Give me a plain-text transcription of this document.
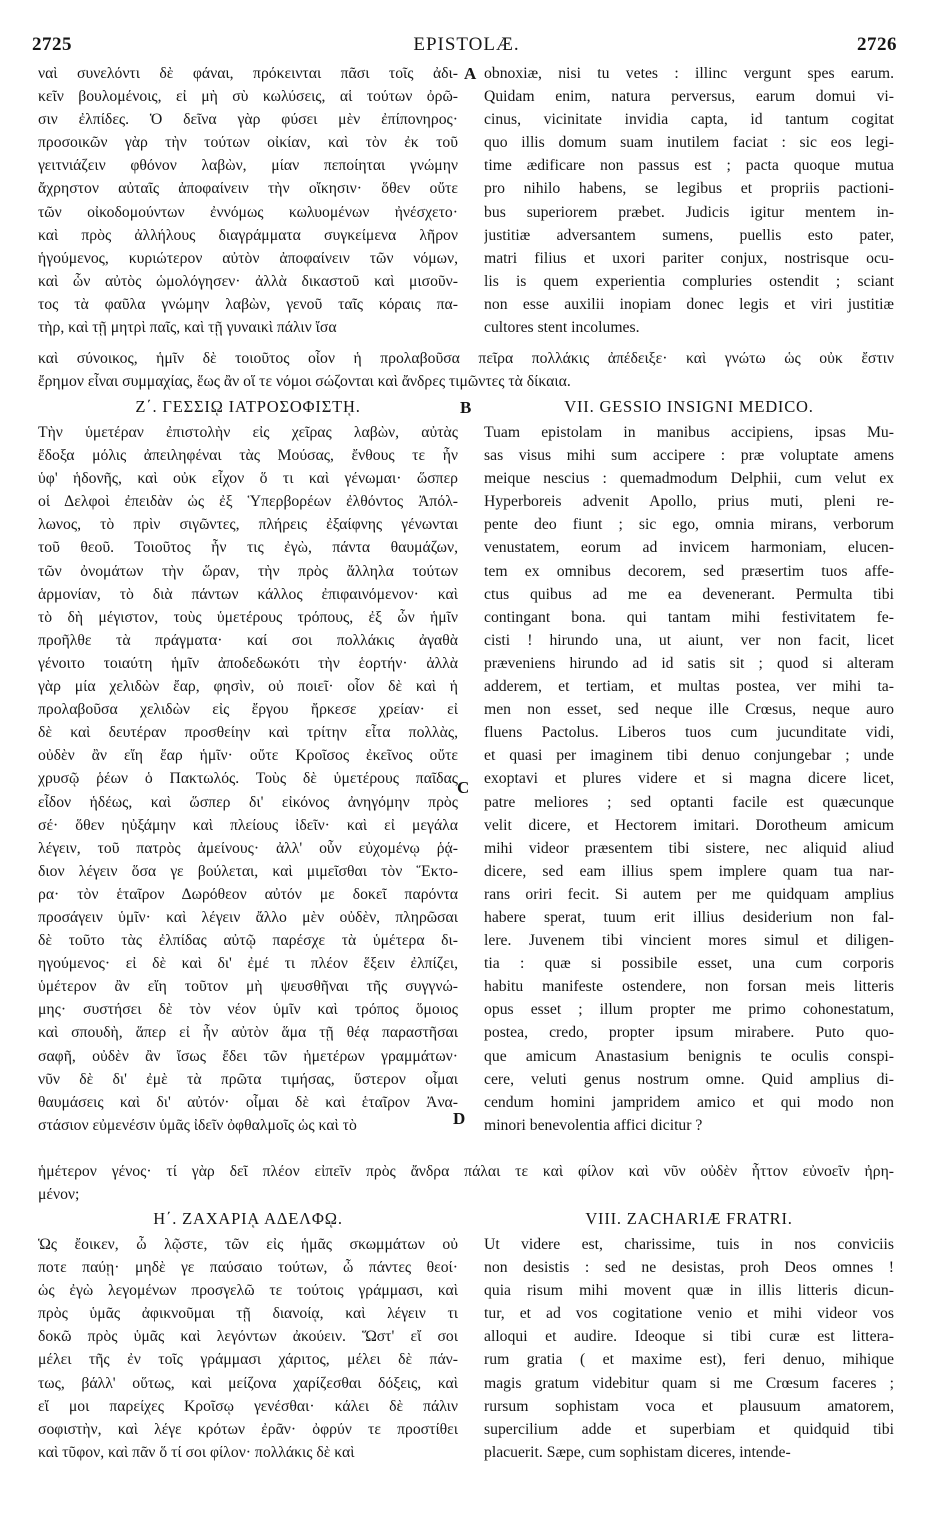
2725	EPISTOLÆ.	2726
A
B
C
D
ναὶ συνελόντι δὲ φάναι, πρόκεινται πᾶσι τοῖς ἀδι-
κεῖν βουλομένοις, εἰ μὴ σὺ κωλύσεις, αἱ τούτων ὀρῶ-
σιν ἐλπίδες. Ὁ δεῖνα γὰρ φύσει μὲν ἐπίπονηρος·
προσοικῶν γὰρ τὴν τούτων οἰκίαν, καὶ τὸν ἐκ τοῦ
γειτνιάζειν φθόνον λαβὼν, μίαν πεποίηται γνώμην
ἄχρηστον αὐταῖς ἀποφαίνειν τὴν οἴκησιν· ὅθεν οὔτε
τῶν οἰκοδομούντων ἐννόμως κωλυομένων ἠνέσχετο·
καὶ πρὸς ἀλλήλους διαγράμματα συγκείμενα λῆρον
ἡγούμενος, κυριώτερον αὐτὸν ἀποφαίνειν τῶν νόμων,
καὶ ὧν αὐτὸς ὡμολόγησεν· ἀλλὰ δικαστοῦ καὶ μισοῦν-
τος τὰ φαῦλα γνώμην λαβὼν, γενοῦ ταῖς κόραις πα-
τὴρ, καὶ τῇ μητρὶ παῖς, καὶ τῇ γυναικὶ πάλιν ἴσα
obnoxiæ, nisi tu vetes : illinc vergunt spes earum.
Quidam enim, natura perversus, earum domui vi-
cinus, vicinitate invidia capta, id tantum cogitat
quo illis domum suam inutilem faciat : sic eos legi-
time ædificare non passus est ; pacta quoque mutua
pro nihilo habens, se legibus et propriis pactioni-
bus superiorem præbet. Judicis igitur mentem in-
justitiæ adversantem sumens, puellis esto pater,
matri filius et uxori pariter conjux, nostrisque ocu-
lis is quem experientia compluries ostendit ; sciant
non esse auxilii inopiam donec legis et viri justitiæ
cultores stent incolumes.
καὶ σύνοικος, ἡμῖν δὲ τοιοῦτος οἷον ἡ προλαβοῦσα πεῖρα πολλάκις ἀπέδειξε· καὶ γνώτω ὡς οὐκ ἔστιν
ἔρημον εἶναι συμμαχίας, ἕως ἂν οἵ τε νόμοι σώζονται καὶ ἄνδρες τιμῶντες τὰ δίκαια.
Ζ΄. ΓΕΣΣΙῼ ΙΑΤΡΟΣΟΦΙΣΤῌ.	VII. GESSIO INSIGNI MEDICO.
Τὴν ὑμετέραν ἐπιστολὴν εἰς χεῖρας λαβὼν, αὐτὰς
ἔδοξα μόλις ἀπειληφέναι τὰς Μούσας, ἔνθους τε ἦν
ὑφ' ἡδονῆς, καὶ οὐκ εἶχον ὅ τι καὶ γένωμαι· ὥσπερ
οἱ Δελφοὶ ἐπειδὰν ὡς ἐξ Ὑπερβορέων ἐλθόντος Ἀπόλ-
λωνος, τὸ πρὶν σιγῶντες, πλήρεις ἐξαίφνης γένωνται
τοῦ θεοῦ. Τοιοῦτος ἦν τις ἐγὼ, πάντα θαυμάζων,
τῶν ὀνομάτων τὴν ὥραν, τὴν πρὸς ἄλληλα τούτων
ἁρμονίαν, τὸ διὰ πάντων κάλλος ἐπιφαινόμενον· καὶ
τὸ δὴ μέγιστον, τοὺς ὑμετέρους τρόπους, ἐξ ὧν ἡμῖν
προῆλθε τὰ πράγματα· καί σοι πολλάκις ἀγαθὰ
γένοιτο τοιαύτη ἡμῖν ἀποδεδωκότι τὴν ἑορτήν· ἀλλὰ
γὰρ μία χελιδὼν ἔαρ, φησὶν, οὐ ποιεῖ· οἷον δὲ καὶ ἡ
προλαβοῦσα χελιδὼν εἰς ἔργου ἤρκεσε χρείαν· εἰ
δὲ καὶ δευτέραν προσθείην καὶ τρίτην εἶτα πολλὰς,
οὐδὲν ἂν εἴη ἔαρ ἡμῖν· οὔτε Κροῖσος ἐκεῖνος οὔτε
χρυσῷ ῥέων ὁ Πακτωλός. Τοὺς δὲ ὑμετέρους παῖδας
εἶδον ἡδέως, καὶ ὥσπερ δι' εἰκόνος ἀνηγόμην πρὸς
σέ· ὅθεν ηὐξάμην καὶ πλείους ἰδεῖν· καὶ εἰ μεγάλα
λέγειν, τοῦ πατρὸς ἀμείνους· ἀλλ' οὖν εὐχομένῳ ῥᾴ-
διον λέγειν ὅσα γε βούλεται, καὶ μιμεῖσθαι τὸν Ἕκτο-
ρα· τὸν ἑταῖρον Δωρόθεον αὐτόν με δοκεῖ παρόντα
προσάγειν ὑμῖν· καὶ λέγειν ἄλλο μὲν οὐδὲν, πληρῶσαι
δὲ τοῦτο τὰς ἐλπίδας αὐτῷ παρέσχε τὰ ὑμέτερα δι-
ηγούμενος· εἰ δὲ καὶ δι' ἐμέ τι πλέον ἕξειν ἐλπίζει,
ὑμέτερον ἂν εἴη τοῦτον μὴ ψευσθῆναι τῆς συγγνώ-
μης· συστήσει δὲ τὸν νέον ὑμῖν καὶ τρόπος ὅμοιος
καὶ σπουδὴ, ἅπερ εἰ ἦν αὐτὸν ἅμα τῇ θέᾳ παραστῆσαι
σαφῆ, οὐδὲν ἂν ἴσως ἔδει τῶν ἡμετέρων γραμμάτων·
νῦν δὲ δι' ἐμὲ τὰ πρῶτα τιμήσας, ὕστερον οἶμαι
θαυμάσεις καὶ δι' αὐτόν· οἶμαι δὲ καὶ ἑταῖρον Ἀνα-
στάσιον εὐμενέσιν ὑμᾶς ἰδεῖν ὀφθαλμοῖς ὡς καὶ τὸ
Tuam epistolam in manibus accipiens, ipsas Mu-
sas visus mihi sum accipere : præ voluptate amens
meique nescius : quemadmodum Delphii, cum velut ex
Hyperboreis advenit Apollo, prius muti, pleni re-
pente deo fiunt ; sic ego, omnia mirans, verborum
venustatem, eorum ad invicem harmoniam, elucen-
tem ex omnibus decorem, sed præsertim tuos affe-
ctus quibus ad me ea devenerant. Permulta tibi
contingant bona. qui tantam mihi festivitatem fe-
cisti ! hirundo una, ut aiunt, ver non facit, licet
præveniens hirundo ad id satis sit ; quod si alteram
adderem, et tertiam, et multas postea, ver mihi ta-
men non esset, sed neque ille Crœsus, neque auro
fluens Pactolus. Liberos tuos cum jucunditate vidi,
et quasi per imaginem tibi denuo conjungebar ; unde
exoptavi et plures videre et si magna dicere licet,
patre meliores ; sed optanti facile est quæcunque
velit dicere, et Hectorem imitari. Dorotheum amicum
mihi videor præsentem tibi sistere, nec aliquid aliud
dicere, sed eam illius spem implere quam tua nar-
rans oriri fecit. Si autem per me quidquam amplius
habere sperat, tuum erit illius desiderium non fal-
lere. Juvenem tibi vincient mores simul et diligen-
tia : quæ si possibile esset, una cum corporis
habitu manifeste ostendere, non forsan meis litteris
opus esset ; illum propter me primo cohonestatum,
postea, credo, propter ipsum mirabere. Puto quo-
que amicum Anastasium benignis te oculis conspi-
cere, veluti genus nostrum omne. Quid amplius di-
cendum homini jampridem amico et qui modo non
minori benevolentia affici dicitur ?
ἡμέτερον γένος· τί γὰρ δεῖ πλέον εἰπεῖν πρὸς ἄνδρα πάλαι τε καὶ φίλον καὶ νῦν οὐδὲν ἧττον εὐνοεῖν ἠρη-
μένον;
Η΄. ΖΑΧΑΡΙᾼ ΑΔΕΛΦῼ.	VIII. ZACHARIÆ FRATRI.
Ὡς ἔοικεν, ὦ λῷστε, τῶν εἰς ἡμᾶς σκωμμάτων οὐ
ποτε παύῃ· μηδὲ γε παύσαιο τούτων, ὦ πάντες θεοί·
ὡς ἐγὼ λεγομένων προσγελῶ τε τούτοις γράμμασι, καὶ
πρὸς ὑμᾶς ἀφικνοῦμαι τῇ διανοίᾳ, καὶ λέγειν τι
δοκῶ πρὸς ὑμᾶς καὶ λεγόντων ἀκούειν. Ὥστ' εἴ σοι
μέλει τῆς ἐν τοῖς γράμμασι χάριτος, μέλει δὲ πάν-
τως, βάλλ' οὕτως, καὶ μείζονα χαρίζεσθαι δόξεις, καὶ
εἴ μοι παρείχες Κροῖσῳ γενέσθαι· κάλει δὲ πάλιν
σοφιστὴν, καὶ λέγε κρότων ἐρᾶν· ὀφρύν τε προστίθει
καὶ τῦφον, καὶ πᾶν ὅ τί σοι φίλον· πολλάκις δὲ καὶ
Ut videre est, charissime, tuis in nos conviciis
non desistis : sed ne desistas, proh Deos omnes !
quia risum mihi movent quæ in illis litteris dicun-
tur, et ad vos cogitatione venio et mihi videor vos
alloqui et audire. Ideoque si tibi curæ est littera-
rum gratia ( et maxime est), feri denuo, mihique
magis gratum videbitur quam si me Crœsum faceres ;
rursum sophistam voca et plausuum amatorem,
supercilium adde et superbiam et quidquid tibi
placuerit. Sæpe, cum sophistam diceres, intende-
